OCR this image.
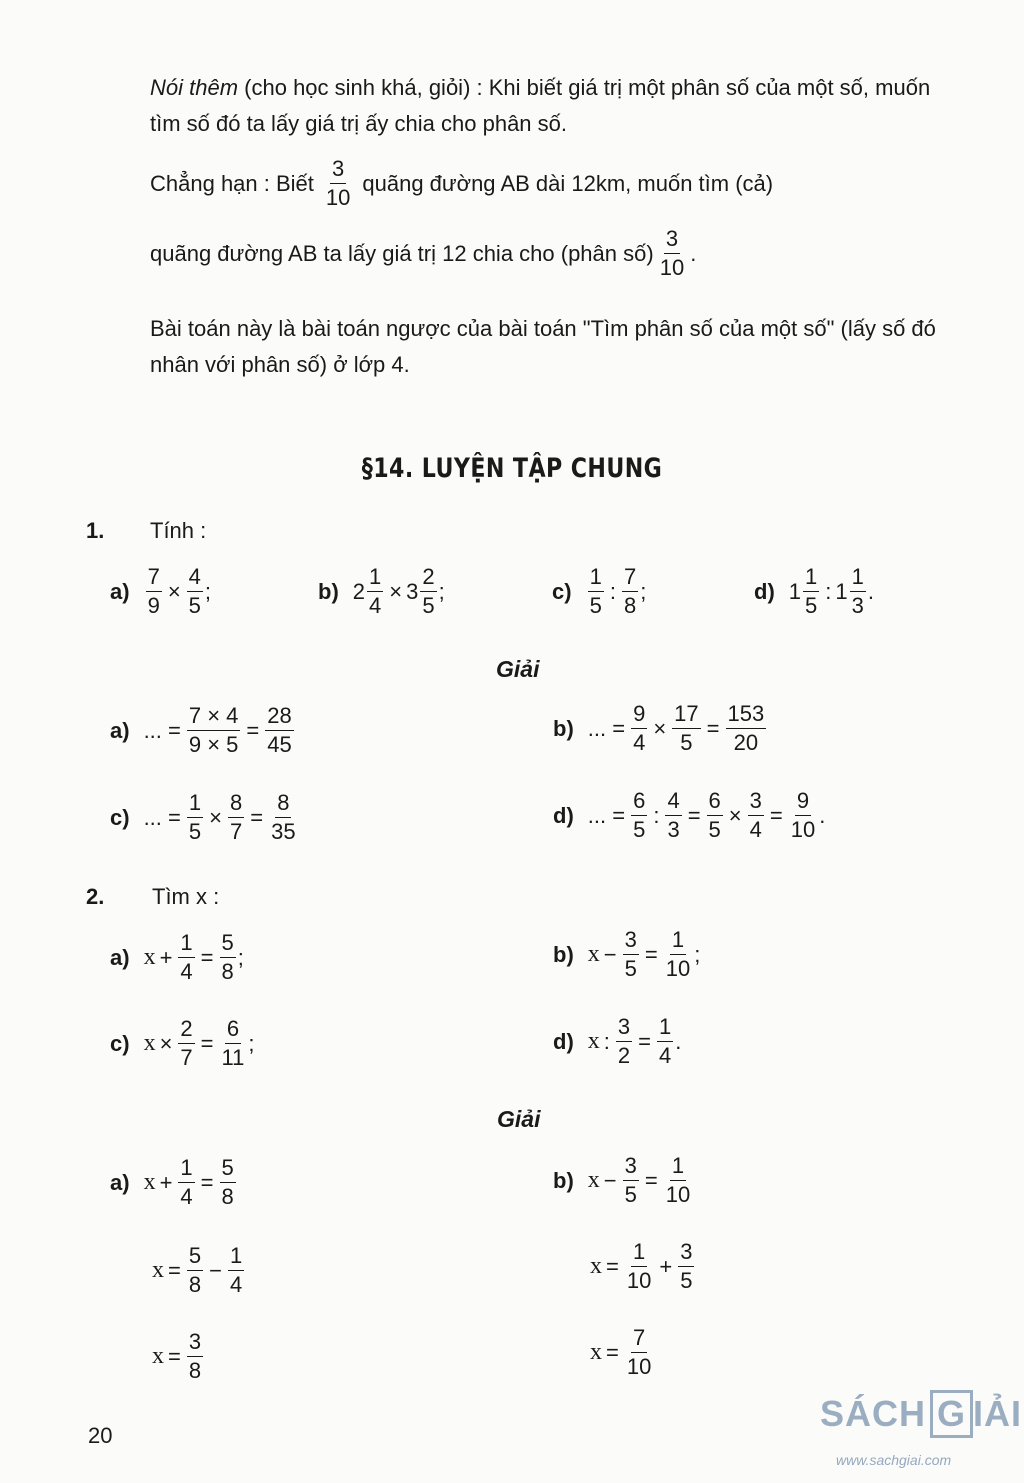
Nói thêm (cho học sinh khá, giỏi) : Khi biết giá trị một phân số của một số, muốn tìm số đó ta lấy giá trị ấy chia cho phân số.
Chẳng hạn : Biết $\frac{3}{10}$ quãng đường AB dài 12km, muốn tìm (cả)
quãng đường AB ta lấy giá trị 12 chia cho (phân số) $\frac{3}{10}$ .
Bài toán này là bài toán ngược của bài toán "Tìm phân số của một số" (lấy số đó nhân với phân số) ở lớp 4.
§14. LUYỆN TẬP CHUNG
1. Tính :
$a) \frac{7}{9} \times \frac{4}{5}$ ;	b) $2 \frac{1}{4} \times 3 \frac{2}{5}$ ;	$c) \frac{1}{5}$ : $\frac{7}{8}$ ;	d) $1 \frac{1}{5}$ : $1 \frac{1}{3}$ .
Giải
a) ... = $\frac{7 \times 4}{9 \times 5} = \frac{28}{45}$	b) ... = $\frac{9}{4} \times \frac{17}{5} = \frac{153}{20}$
c) ... = $\frac{1}{5} \times \frac{8}{7} = \frac{8}{35}$	d) ... = $\frac{6}{5}$ : $\frac{4}{3} = \frac{6}{5} \times \frac{3}{4} = \frac{9}{10}$ .
2. Tìm x :
a) $x + \frac{1}{4} = \frac{5}{8}$ ;	b) $x - \frac{3}{5} = \frac{1}{10}$ ;
c) $x \times \frac{2}{7} = \frac{6}{11}$ ;	d) x : $\frac{3}{2} = \frac{1}{4}$ .
Giải
a) $x + \frac{1}{4} = \frac{5}{8}$
$x = \frac{5}{8} - \frac{1}{4}$
$x = \frac{3}{8}$
b) $x - \frac{3}{5} = \frac{1}{10}$
$x = \frac{1}{10} + \frac{3}{5}$
$x = \frac{7}{10}$
20
SÁCH G IẢI
www.sachgiai.com
